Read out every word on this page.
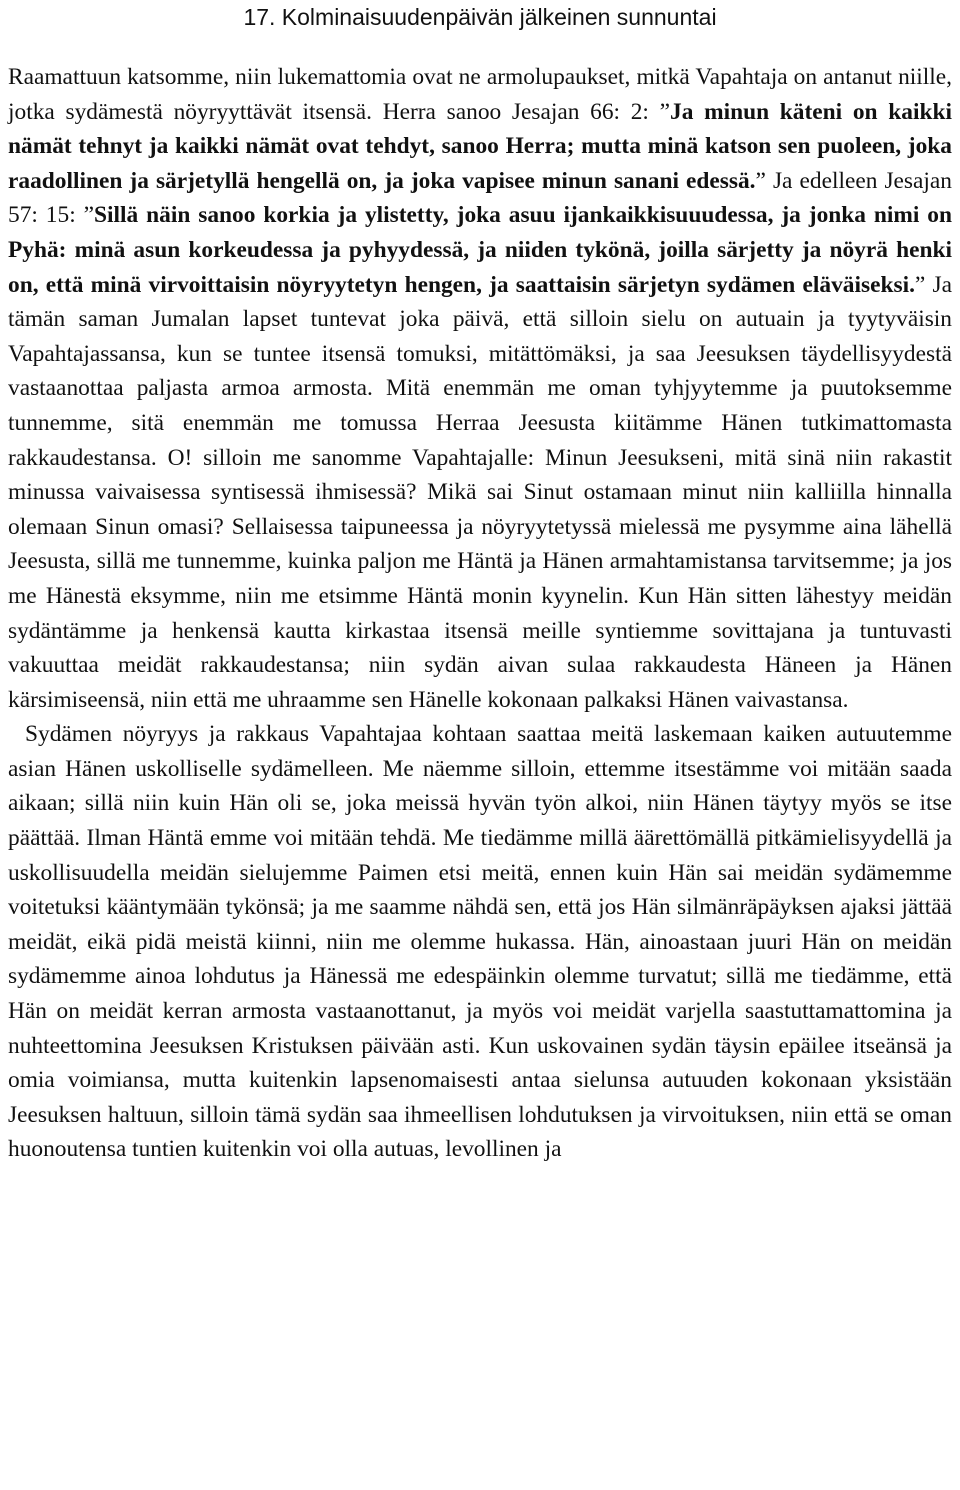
17. Kolminaisuudenpäivän jälkeinen sunnuntai

Raamattuun katsomme, niin lukemattomia ovat ne armolupaukset, mitkä Vapahtaja on antanut niille, jotka sydämestä nöyryyttävät itsensä. Herra sanoo Jesajan 66: 2: ”Ja minun käteni on kaikki nämät tehnyt ja kaikki nämät ovat tehdyt, sanoo Herra; mutta minä katson sen puoleen, joka raadollinen ja särjetyllä hengellä on, ja joka vapisee minun sanani edessä.” Ja edelleen Jesajan 57: 15: ”Sillä näin sanoo korkia ja ylistetty, joka asuu ijankaikkisuuudessa, ja jonka nimi on Pyhä: minä asun korkeudessa ja pyhyydessä, ja niiden tykönä, joilla särjetty ja nöyrä henki on, että minä virvoittaisin nöyryytetyn hengen, ja saattaisin särjetyn sydämen eläväiseksi.” Ja tämän saman Jumalan lapset tuntevat joka päivä, että silloin sielu on autuain ja tyytyväisin Vapahtajassansa, kun se tuntee itsensä tomuksi, mitättömäksi, ja saa Jeesuksen täydellisyydestä vastaanottaa paljasta armoa armosta. Mitä enemmän me oman tyhjyytemme ja puutoksemme tunnemme, sitä enemmän me tomussa Herraa Jeesusta kiitämme Hänen tutkimattomasta rakkaudestansa. O! silloin me sanomme Vapahtajalle: Minun Jeesukseni, mitä sinä niin rakastit minussa vaivaisessa syntisessä ihmisessä? Mikä sai Sinut ostamaan minut niin kalliilla hinnalla olemaan Sinun omasi? Sellaisessa taipuneessa ja nöyryytetyssä mielessä me pysymme aina lähellä Jeesusta, sillä me tunnemme, kuinka paljon me Häntä ja Hänen armahtamistansa tarvitsemme; ja jos me Hänestä eksymme, niin me etsimme Häntä monin kyynelin. Kun Hän sitten lähestyy meidän sydäntämme ja henkensä kautta kirkastaa itsensä meille syntiemme sovittajana ja tuntuvasti vakuuttaa meidät rakkaudestansa; niin sydän aivan sulaa rakkaudesta Häneen ja Hänen kärsimiseensä, niin että me uhraamme sen Hänelle kokonaan palkaksi Hänen vaivastansa.

Sydämen nöyryys ja rakkaus Vapahtajaa kohtaan saattaa meitä laskemaan kaiken autuutemme asian Hänen uskolliselle sydämelleen. Me näemme silloin, ettemme itsestämme voi mitään saada aikaan; sillä niin kuin Hän oli se, joka meissä hyvän työn alkoi, niin Hänen täytyy myös se itse päättää. Ilman Häntä emme voi mitään tehdä. Me tiedämme millä äärettömällä pitkämielisyydellä ja uskollisuudella meidän sielujemme Paimen etsi meitä, ennen kuin Hän sai meidän sydämemme voitetuksi kääntymään tykönsä; ja me saamme nähdä sen, että jos Hän silmänräpäyksen ajaksi jättää meidät, eikä pidä meistä kiinni, niin me olemme hukassa. Hän, ainoastaan juuri Hän on meidän sydämemme ainoa lohdutus ja Hänessä me edespäinkin olemme turvatut; sillä me tiedämme, että Hän on meidät kerran armosta vastaanottanut, ja myös voi meidät varjella saastuttamattomina ja nuhteettomina Jeesuksen Kristuksen päivään asti. Kun uskovainen sydän täysin epäilee itseänsä ja omia voimiansa, mutta kuitenkin lapsenomaisesti antaa sielunsa autuuden kokonaan yksistään Jeesuksen haltuun, silloin tämä sydän saa ihmeellisen lohdutuksen ja virvoituksen, niin että se oman huonoutensa tuntien kuitenkin voi olla autuas, levollinen ja
